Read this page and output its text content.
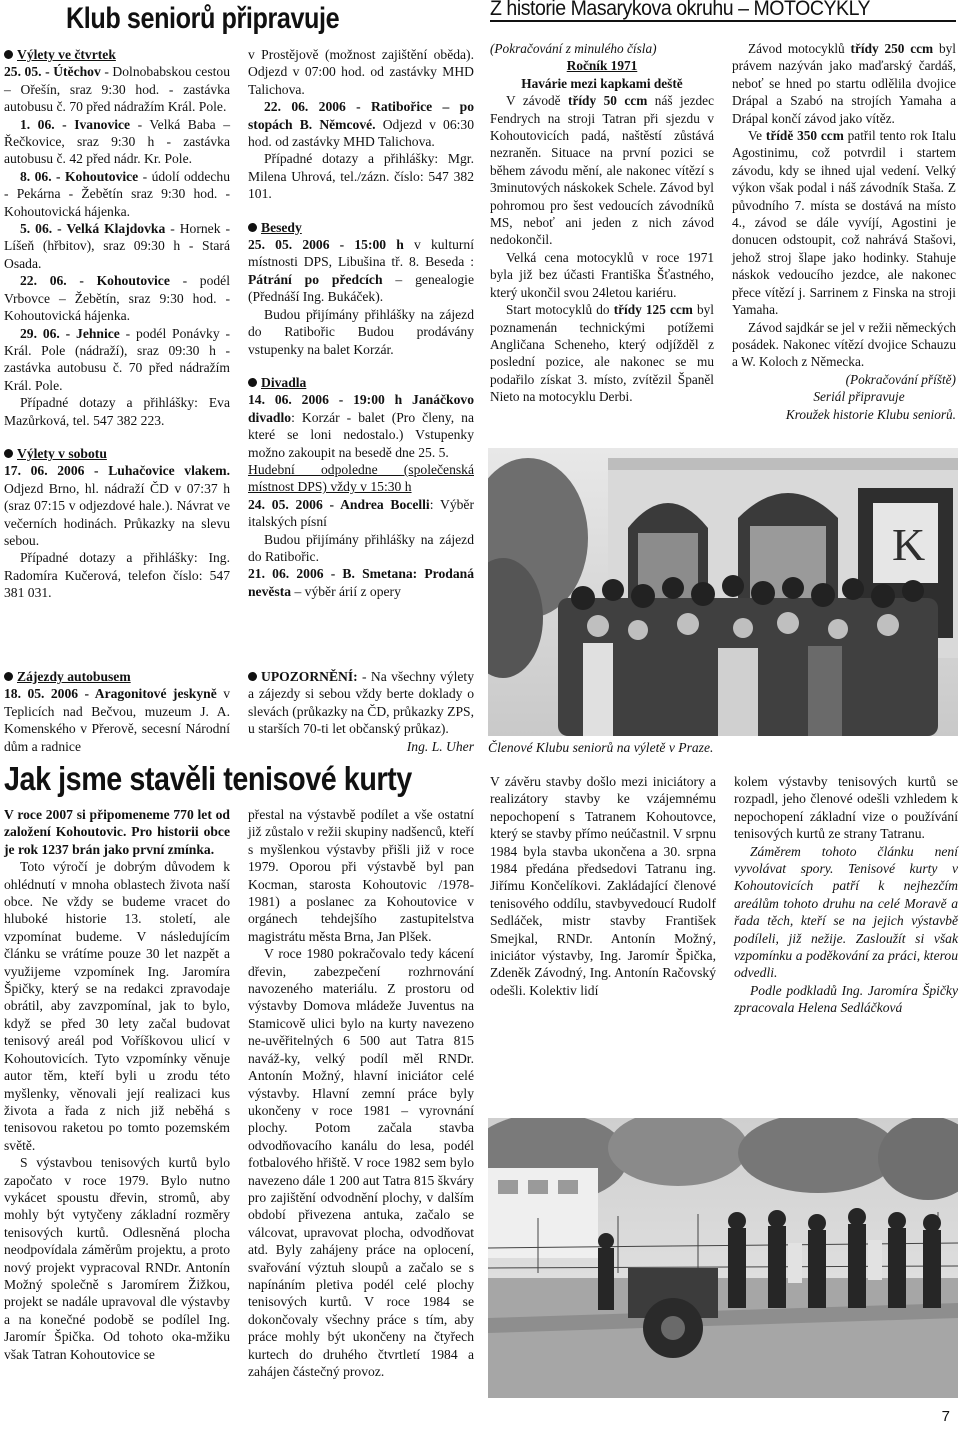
Klub seniorů připravuje	Z historie Masarykova okruhu – MOTOCYKLY

Výlety ve čtvrtek

25. 05. - Útěchov - Dolnobabskou cestou – Ořešín, sraz 9:30 hod. - zastávka autobusu č. 70 před nádražím Král. Pole.

1. 06. - Ivanovice - Velká Baba – Řečkovice, sraz 9:30 h - zastávka autobusu č. 42 před nádr. Kr. Pole.

8. 06. - Kohoutovice - údolí oddechu - Pekárna - Žebětín sraz 9:30 hod. - Kohoutovická hájenka.

5. 06. - Velká Klajdovka - Hornek - Líšeň (hřbitov), sraz 09:30 h - Stará Osada.

22. 06. - Kohoutovice - podél Vrbovce – Žebětín, sraz 9:30 hod. - Kohoutovická hájenka.

29. 06. - Jehnice - podél Ponávky - Král. Pole (nádraží), sraz 09:30 h - zastávka autobusu č. 70 před nádražím Král. Pole.

Případné dotazy a přihlášky: Eva Mazůrková, tel. 547 382 223.

Výlety v sobotu

17. 06. 2006 - Luhačovice vlakem. Odjezd Brno, hl. nádraží ČD v 07:37 h (sraz 07:15 v odjezdové hale.). Návrat ve večerních hodinách. Průkazky na slevu sebou.

Případné dotazy a přihlášky: Ing. Radomíra Kučerová, telefon číslo: 547 381 031.

Zájezdy autobusem

18. 05. 2006 - Aragonitové jeskyně v Teplicích nad Bečvou, muzeum J. A. Komenského v Přerově, secesní Národní dům a radnice

v Prostějově (možnost zajištění oběda). Odjezd v 07:00 hod. od zastávky MHD Talichova.

22. 06. 2006 - Ratibořice – po stopách B. Němcové. Odjezd v 06:30 hod. od zastávky MHD Talichova.

Případné dotazy a přihlášky: Mgr. Milena Uhrová, tel./zázn. číslo: 547 382 101.

Besedy

25. 05. 2006 - 15:00 h v kulturní místnosti DPS, Libušina tř. 8. Beseda : Pátrání po předcích – genealogie (Přednáší Ing. Bukáček).

Budou přijímány přihlášky na zájezd do Ratibořic Budou prodávány vstupenky na balet Korzár.

Divadla

14. 06. 2006 - 19:00 h Janáčkovo divadlo: Korzár - balet (Pro členy, na které se loni nedostalo.) Vstupenky možno zakoupit na besedě dne 25. 5.

Hudební odpoledne (společenská místnost DPS) vždy v 15:30 h

24. 05. 2006 - Andrea Bocelli: Výběr italských písní

Budou přijímány přihlášky na zájezd do Ratibořic.

21. 06. 2006 - B. Smetana: Prodaná nevěsta – výběr árií z opery

UPOZORNĚNÍ: - Na všechny výlety a zájezdy si sebou vždy berte doklady o slevách (průkazky na ČD, průkazky ZPS, u starších 70-ti let občanský průkaz).
Ing. L. Uher

(Pokračování z minulého čísla)

Ročník 1971

Havárie mezi kapkami deště

V závodě třídy 50 ccm náš jezdec Fendrych na stroji Tatran při sjezdu v Kohoutovicích padá, naštěstí zůstává nezraněn. Situace na první pozici se během závodu mění, ale nakonec vítězí s 3minutových náskokek Schele. Závod byl pohromou pro šest vedoucích závodníků MS, neboť ani jeden z nich závod nedokončil.

Velká cena motocyklů v roce 1971 byla již bez účasti Františka Šťastného, který ukončil svou 24letou kariéru.

Start motocyklů do třídy 125 ccm byl poznamenán technickými potížemi Angličana Scheneho, který odjížděl z poslední pozice, ale nakonec se mu podařilo získat 3. místo, zvítězil Španěl Nieto na motocyklu Derbi.

Závod motocyklů třídy 250 ccm byl právem nazýván jako maďarský čardáš, neboť se hned po startu odlělila dvojice Drápal a Szabó na strojích Yamaha a Drápal končí závod jako vítěz.

Ve třídě 350 ccm patřil tento rok Italu Agostinimu, což potvrdil i startem závodu, kdy se ihned ujal vedení. Velký výkon však podal i náš závodník Staša. Z původního 7. místa se dostává na místo 4., závod se dále vyvíjí, Agostini je donucen odstoupit, což nahrává Stašovi, jehož stroj šlape jako hodinky. Stahuje náskok vedoucího jezdce, ale nakonec přece vítězí j. Sarrinem z Finska na stroji Yamaha.

Závod sajdkár se jel v režii německých posádek. Nakonec vítězí dvojice Schauzu a W. Koloch z Německa.

(Pokračování příště)

Seriál připravuje

Kroužek historie Klubu seniorů.

K
Členové Klubu seniorů na výletě v Praze.
Jak jsme stavěli tenisové kurty

V roce 2007 si připomeneme 770 let od založení Kohoutovic. Pro historii obce je rok 1237 brán jako první zmínka.

Toto výročí je dobrým důvodem k ohlédnutí v mnoha oblastech života naší obce. Ne vždy se budeme vracet do hluboké historie 13. století, ale vzpomínat budeme. V následujícím článku se vrátíme pouze 30 let nazpět a využijeme vzpomínek Ing. Jaromíra Špičky, který se na redakci zpravodaje obrátil, aby zavzpomínal, jak to bylo, když se před 30 lety začal budovat tenisový areál pod Voříškovou ulicí v Kohoutovicích. Tyto vzpomínky věnuje autor těm, kteří byli u zrodu této myšlenky, věnovali její realizaci kus života a řada z nich již neběhá s tenisovou raketou po tomto pozemském světě.

S výstavbou tenisových kurtů bylo započato v roce 1979. Bylo nutno vykácet spoustu dřevin, stromů, aby mohly být vytyčeny základní rozměry tenisových kurtů. Odlesněná plocha neodpovídala záměrům projektu, a proto nový projekt vypracoval RNDr. Antonín Možný společně s Jaromírem Žižkou, projekt se nadále upravoval dle výstavby a na konečné podobě se podílel Ing. Jaromír Špička. Od tohoto oka-mžiku však Tatran Kohoutovice se

přestal na výstavbě podílet a vše ostatní již zůstalo v režii skupiny nadšenců, kteří s myšlenkou výstavby přišli již v roce 1979. Oporou při výstavbě byl pan Kocman, starosta Kohoutovic /1978-1981) a poslanec za Kohoutovice v orgánech tehdejšího zastupitelstva magistrátu města Brna, Jan Plšek.

V roce 1980 pokračovalo tedy kácení dřevin, zabezpečení rozhrnování navozeného materiálu. Z prostoru od výstavby Domova mládeže Juventus na Stamicově ulici bylo na kurty navezeno ne-uvěřitelných 6 500 aut Tatra 815 naváž-ky, velký podíl měl RNDr. Antonín Možný, hlavní iniciátor celé výstavby. Hlavní zemní práce byly ukončeny v roce 1981 – vyrovnání plochy. Potom začala stavba odvodňovacího kanálu do lesa, podél fotbalového hřiště. V roce 1982 sem bylo navezeno dále 1 200 aut Tatra 815 škváry pro zajištění odvodnění plochy, v dalším období přivezena antuka, začalo se válcovat, upravovat plocha, odvodňovat atd. Byly zahájeny práce na oplocení, svařování výztuh sloupů a začalo se s napínáním pletiva podél celé plochy tenisových kurtů. V roce 1984 se dokončovaly všechny práce s tím, aby práce mohly být ukončeny na čtyřech kurtech do druhého čtvrtletí 1984 a zahájen částečný provoz.

V závěru stavby došlo mezi iniciátory a realizátory stavby ke vzájemnému nepochopení s Tatranem Kohoutovce, který se stavby přímo neúčastnil. V srpnu 1984 byla stavba ukončena a 30. srpna 1984 předána předsedovi Tatranu ing. Jiřímu Končelíkovi. Zakládající členové tenisového oddílu, stavbyvedoucí Rudolf Sedláček, mistr stavby František Smejkal, RNDr. Antonín Možný, iniciátor výstavby, Ing. Jaromír Špička, Zdeněk Závodný, Ing. Antonín Račovský odešli. Kolektiv lidí

kolem výstavby tenisových kurtů se rozpadl, jeho členové odešli vzhledem k nepochopení základní vize o používání tenisových kurtů ze strany Tatranu.

Záměrem tohoto článku není vyvolávat spory. Tenisové kurty v Kohoutovicích patří k nejhezčím areálům tohoto druhu na celé Moravě a řada těch, kteří se na jejich výstavbě podíleli, již nežije. Zasloužít si však vzpomínku a poděkování za práci, kterou odvedli.

Podle podkladů Ing. Jaromíra Špičky zpracovala Helena Sedláčková

7
